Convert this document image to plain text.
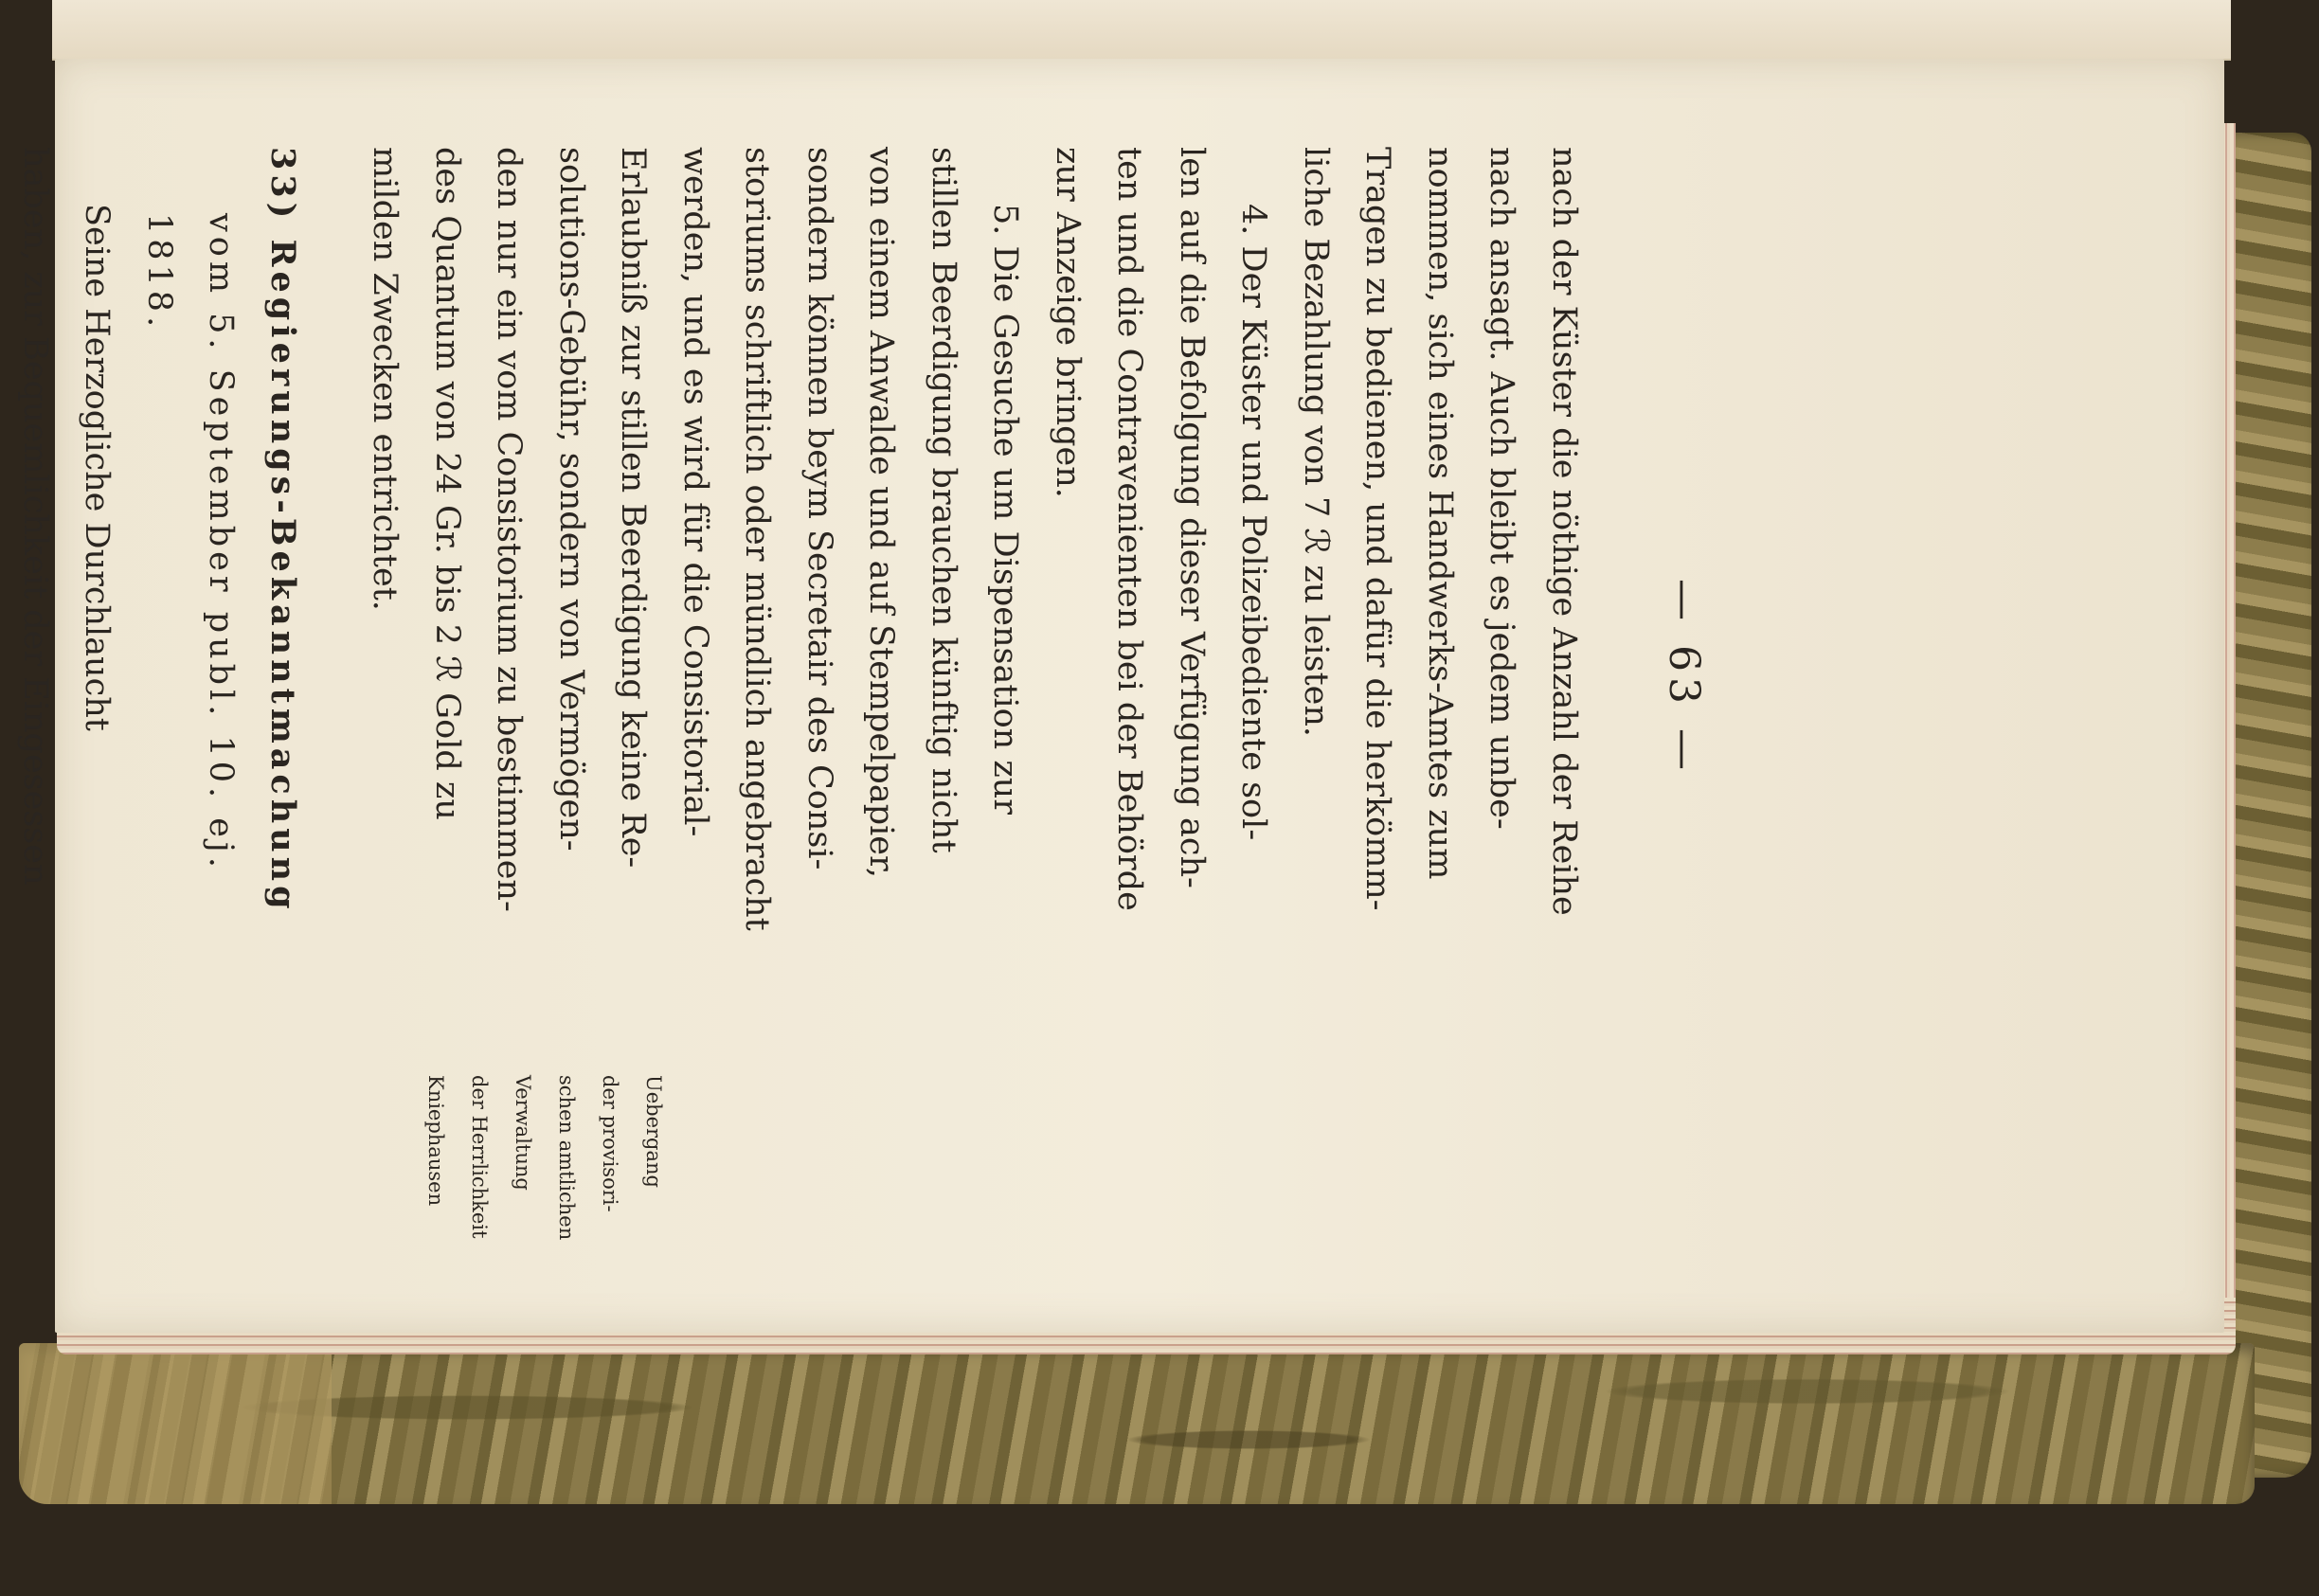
— 63 —
nach der Küster die nöthige Anzahl der Reihe
nach ansagt. Auch bleibt es jedem unbe-
nommen, sich eines Handwerks-Amtes zum
Tragen zu bedienen, und dafür die herkömm-
liche Bezahlung von 7 ℛ zu leisten.
4. Der Küster und Polizeibediente sol-
len auf die Befolgung dieser Verfügung ach-
ten und die Contravenienten bei der Behörde
zur Anzeige bringen.
5. Die Gesuche um Dispensation zur
stillen Beerdigung brauchen künftig nicht
von einem Anwalde und auf Stempelpapier,
sondern können beym Secretair des Consi-
storiums schriftlich oder mündlich angebracht
werden, und es wird für die Consistorial-
Erlaubniß zur stillen Beerdigung keine Re-
solutions-Gebühr, sondern von Vermögen-
den nur ein vom Consistorium zu bestimmen-
des Quantum von 24 Gr. bis 2 ℛ Gold zu
milden Zwecken entrichtet.
33) Regierungs-Bekanntmachung
vom 5. September publ. 10. ej.
1818.
Seine Herzogliche Durchlaucht
haben, zur Bequemlichkeit der Eingesessen
Uebergang
der provisori-
schen amtlichen
Verwaltung
der Herrlichkeit
Kniephausen
